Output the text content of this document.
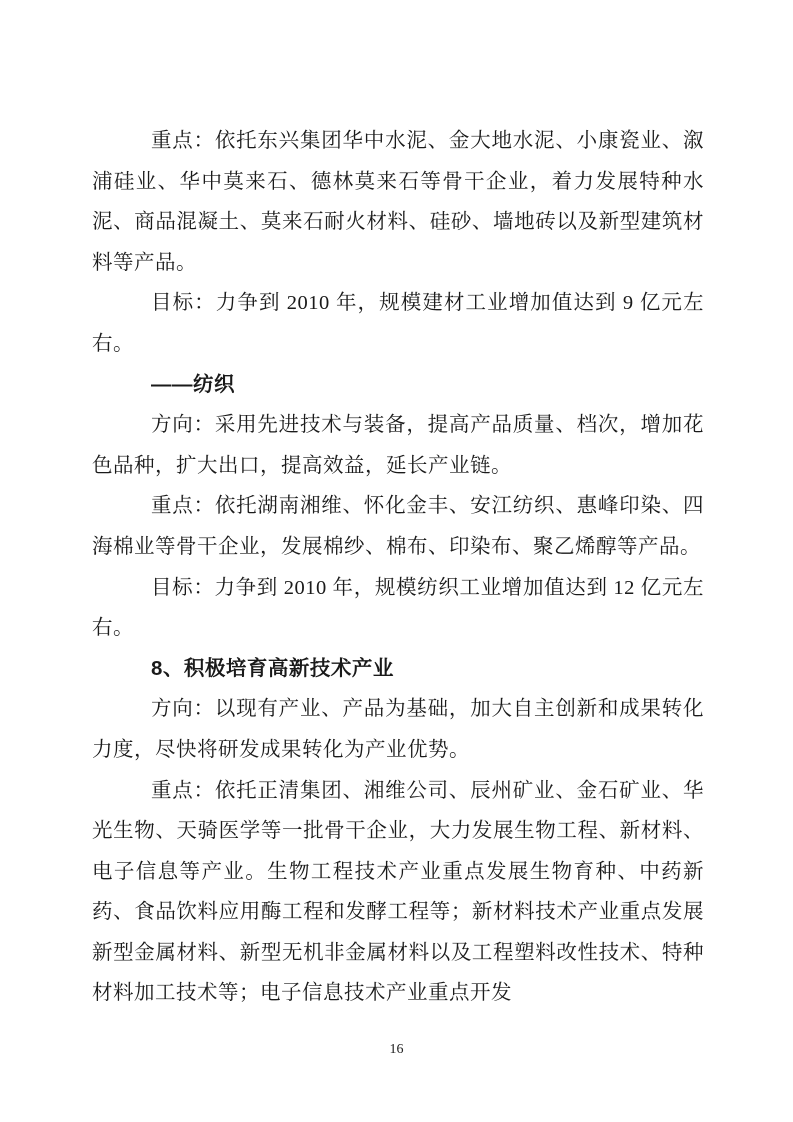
重点：依托东兴集团华中水泥、金大地水泥、小康瓷业、溆浦硅业、华中莫来石、德林莫来石等骨干企业，着力发展特种水泥、商品混凝土、莫来石耐火材料、硅砂、墙地砖以及新型建筑材料等产品。

目标：力争到 2010 年，规模建材工业增加值达到 9 亿元左右。

——纺织

方向：采用先进技术与装备，提高产品质量、档次，增加花色品种，扩大出口，提高效益，延长产业链。

重点：依托湖南湘维、怀化金丰、安江纺织、惠峰印染、四海棉业等骨干企业，发展棉纱、棉布、印染布、聚乙烯醇等产品。

目标：力争到 2010 年，规模纺织工业增加值达到 12 亿元左右。

8、积极培育高新技术产业

方向：以现有产业、产品为基础，加大自主创新和成果转化力度，尽快将研发成果转化为产业优势。

重点：依托正清集团、湘维公司、辰州矿业、金石矿业、华光生物、天骑医学等一批骨干企业，大力发展生物工程、新材料、电子信息等产业。生物工程技术产业重点发展生物育种、中药新药、食品饮料应用酶工程和发酵工程等；新材料技术产业重点发展新型金属材料、新型无机非金属材料以及工程塑料改性技术、特种材料加工技术等；电子信息技术产业重点开发

16
